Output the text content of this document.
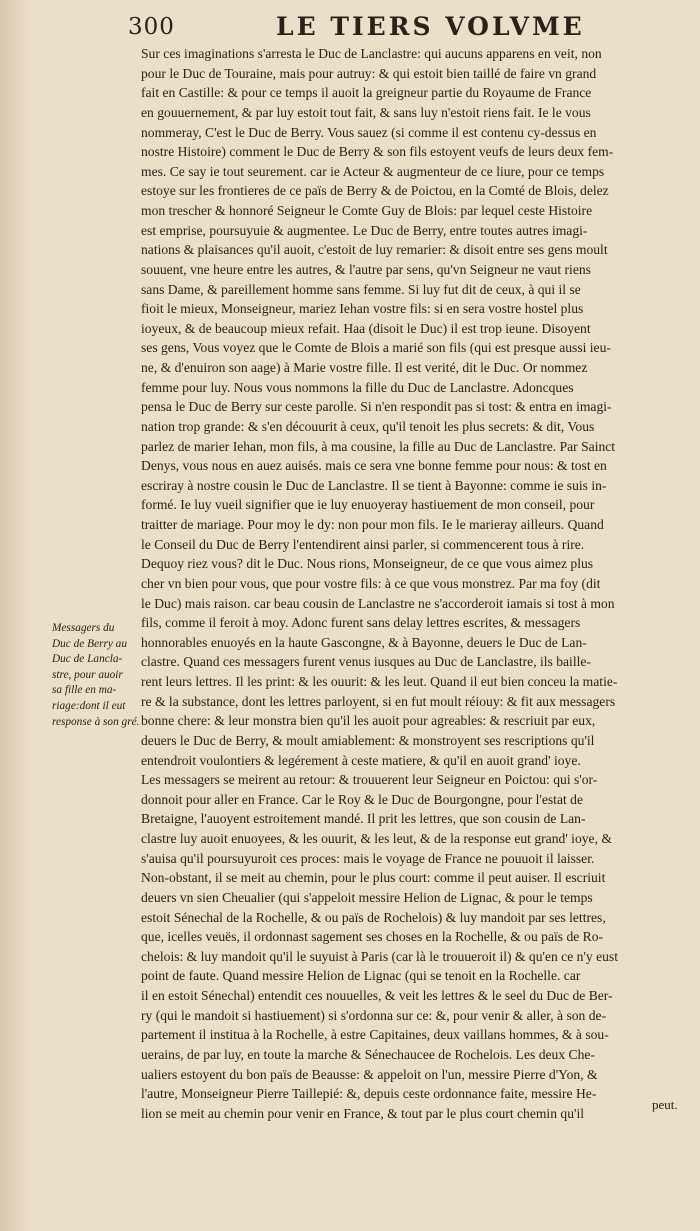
300	LE TIERS VOLVME
Messagers du
Duc de Berry au
Duc de Lancla-
stre, pour auoir
sa fille en ma-
riage:dont il eut
response à son gré.
Sur ces imaginations s'arresta le Duc de Lanclastre: qui aucuns apparens en veit, non
pour le Duc de Touraine, mais pour autruy: & qui estoit bien taillé de faire vn grand
fait en Castille: & pour ce temps il auoit la greigneur partie du Royaume de France
en gouuernement, & par luy estoit tout fait, & sans luy n'estoit riens fait. Ie le vous
nommeray, C'est le Duc de Berry. Vous sauez (si comme il est contenu cy-dessus en
nostre Histoire) comment le Duc de Berry & son fils estoyent veufs de leurs deux fem-
mes. Ce say ie tout seurement. car ie Acteur & augmenteur de ce liure, pour ce temps
estoye sur les frontieres de ce païs de Berry & de Poictou, en la Comté de Blois, delez
mon trescher & honnoré Seigneur le Comte Guy de Blois: par lequel ceste Histoire
est emprise, poursuyuie & augmentee. Le Duc de Berry, entre toutes autres imagi-
nations & plaisances qu'il auoit, c'estoit de luy remarier: & disoit entre ses gens moult
souuent, vne heure entre les autres, & l'autre par sens, qu'vn Seigneur ne vaut riens
sans Dame, & pareillement homme sans femme. Si luy fut dit de ceux, à qui il se
fioit le mieux, Monseigneur, mariez Iehan vostre fils: si en sera vostre hostel plus
ioyeux, & de beaucoup mieux refait. Haa (disoit le Duc) il est trop ieune. Disoyent
ses gens, Vous voyez que le Comte de Blois a marié son fils (qui est presque aussi ieu-
ne, & d'enuiron son aage) à Marie vostre fille. Il est verité, dit le Duc. Or nommez
femme pour luy. Nous vous nommons la fille du Duc de Lanclastre. Adoncques
pensa le Duc de Berry sur ceste parolle. Si n'en respondit pas si tost: & entra en imagi-
nation trop grande: & s'en découurit à ceux, qu'il tenoit les plus secrets: & dit, Vous
parlez de marier Iehan, mon fils, à ma cousine, la fille au Duc de Lanclastre. Par Sainct
Denys, vous nous en auez auisés. mais ce sera vne bonne femme pour nous: & tost en
escriray à nostre cousin le Duc de Lanclastre. Il se tient à Bayonne: comme ie suis in-
formé. Ie luy vueil signifier que ie luy enuoyeray hastiuement de mon conseil, pour
traitter de mariage. Pour moy le dy: non pour mon fils. Ie le marieray ailleurs. Quand
le Conseil du Duc de Berry l'entendirent ainsi parler, si commencerent tous à rire.
Dequoy riez vous? dit le Duc. Nous rions, Monseigneur, de ce que vous aimez plus
cher vn bien pour vous, que pour vostre fils: à ce que vous monstrez. Par ma foy (dit
le Duc) mais raison. car beau cousin de Lanclastre ne s'accorderoit iamais si tost à mon
fils, comme il feroit à moy. Adonc furent sans delay lettres escrites, & messagers
honnorables enuoyés en la haute Gascongne, & à Bayonne, deuers le Duc de Lan-
clastre. Quand ces messagers furent venus iusques au Duc de Lanclastre, ils baille-
rent leurs lettres. Il les print: & les ouurit: & les leut. Quand il eut bien conceu la matie-
re & la substance, dont les lettres parloyent, si en fut moult réiouy: & fit aux messagers
bonne chere: & leur monstra bien qu'il les auoit pour agreables: & rescriuit par eux,
deuers le Duc de Berry, & moult amiablement: & monstroyent ses rescriptions qu'il
entendroit voulontiers & legérement à ceste matiere, & qu'il en auoit grand' ioye.
Les messagers se meirent au retour: & trouuerent leur Seigneur en Poictou: qui s'or-
donnoit pour aller en France. Car le Roy & le Duc de Bourgongne, pour l'estat de
Bretaigne, l'auoyent estroitement mandé. Il prit les lettres, que son cousin de Lan-
clastre luy auoit enuoyees, & les ouurit, & les leut, & de la response eut grand' ioye, &
s'auisa qu'il poursuyuroit ces proces: mais le voyage de France ne pouuoit il laisser.
Non-obstant, il se meit au chemin, pour le plus court: comme il peut auiser. Il escriuit
deuers vn sien Cheualier (qui s'appeloit messire Helion de Lignac, & pour le temps
estoit Sénechal de la Rochelle, & ou païs de Rochelois) & luy mandoit par ses lettres,
que, icelles veuës, il ordonnast sagement ses choses en la Rochelle, & ou païs de Ro-
chelois: & luy mandoit qu'il le suyuist à Paris (car là le trouueroit il) & qu'en ce n'y eust
point de faute. Quand messire Helion de Lignac (qui se tenoit en la Rochelle. car
il en estoit Sénechal) entendit ces nouuelles, & veit les lettres & le seel du Duc de Ber-
ry (qui le mandoit si hastiuement) si s'ordonna sur ce: &, pour venir & aller, à son de-
partement il institua à la Rochelle, à estre Capitaines, deux vaillans hommes, & à sou-
uerains, de par luy, en toute la marche & Sénechaucee de Rochelois. Les deux Che-
ualiers estoyent du bon païs de Beausse: & appeloit on l'un, messire Pierre d'Yon, &
l'autre, Monseigneur Pierre Taillepié: &, depuis ceste ordonnance faite, messire He-
lion se meit au chemin pour venir en France, & tout par le plus court chemin qu'il
peut.
